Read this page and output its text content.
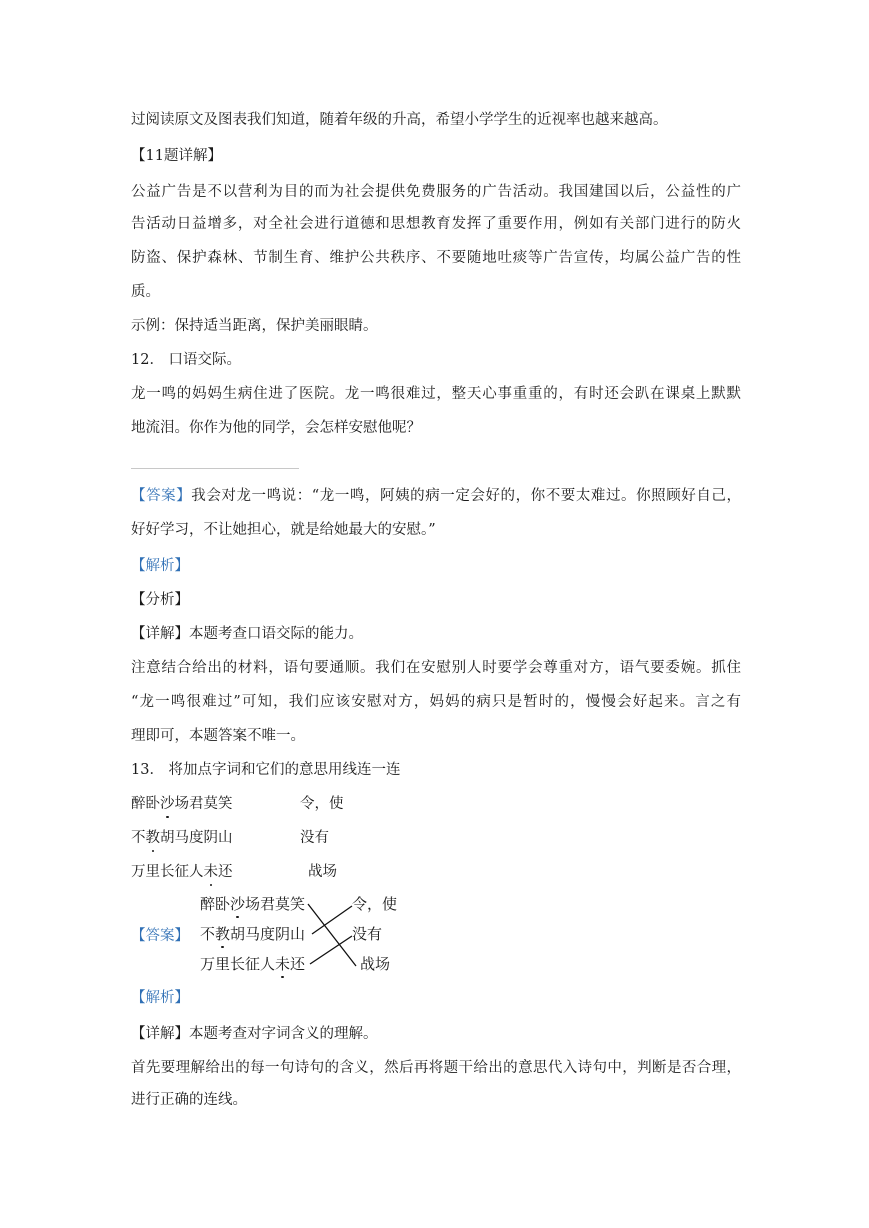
过阅读原文及图表我们知道，随着年级的升高，希望小学学生的近视率也越来越高。
【11题详解】
公益广告是不以营利为目的而为社会提供免费服务的广告活动。我国建国以后，公益性的广
告活动日益增多，对全社会进行道德和思想教育发挥了重要作用，例如有关部门进行的防火
防盗、保护森林、节制生育、维护公共秩序、不要随地吐痰等广告宣传，均属公益广告的性
质。
示例：保持适当距离，保护美丽眼睛。
12． 口语交际。
龙一鸣的妈妈生病住进了医院。龙一鸣很难过，整天心事重重的，有时还会趴在课桌上默默
地流泪。你作为他的同学，会怎样安慰他呢？
【答案】我会对龙一鸣说：“龙一鸣，阿姨的病一定会好的，你不要太难过。你照顾好自己，
好好学习，不让她担心，就是给她最大的安慰。”
【解析】
【分析】
【详解】本题考查口语交际的能力。
注意结合给出的材料，语句要通顺。我们在安慰别人时要学会尊重对方，语气要委婉。抓住
“龙一鸣很难过”可知，我们应该安慰对方，妈妈的病只是暂时的，慢慢会好起来。言之有
理即可，本题答案不唯一。
13． 将加点字词和它们的意思用线连一连
醉卧沙场君莫笑	令，使
不教胡马度阴山	没有
万里长征人未还	战场
【答案】
醉卧沙场君莫笑
不教胡马度阴山
万里长征人未还
令，使
没有
战场
【解析】
【详解】本题考查对字词含义的理解。
首先要理解给出的每一句诗句的含义，然后再将题干给出的意思代入诗句中，判断是否合理，
进行正确的连线。
